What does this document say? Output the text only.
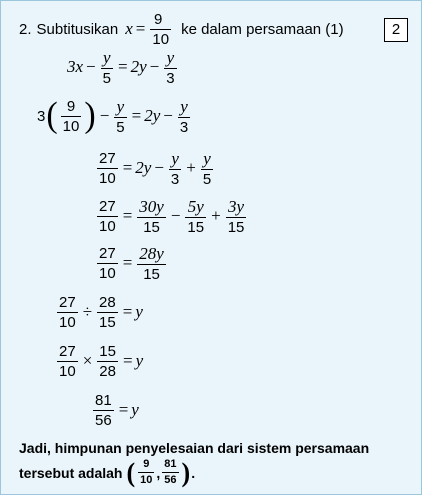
2. Subtitusikan $x = \frac{9}{10}$ ke dalam persamaan (1)	2
$3x - \frac{y}{5} = 2y - \frac{y}{3}$
3 ( $\frac{9}{10}$ ) − $\frac{y}{5} = 2y - \frac{y}{3}$
$\frac{27}{10} = 2y - \frac{y}{3} + \frac{y}{5}$
$\frac{27}{10} = \frac{30y}{15} - \frac{5y}{15} + \frac{3y}{15}$
$\frac{27}{10} = \frac{28y}{15}$
$\frac{27}{10} \div \frac{28}{15} = y$
$\frac{27}{10} \times \frac{15}{28} = y$
$\frac{81}{56} = y$
Jadi, himpunan penyelesaian dari sistem persamaan
tersebut adalah ( $\frac{9}{10}$ , $\frac{81}{56}$ ) .
